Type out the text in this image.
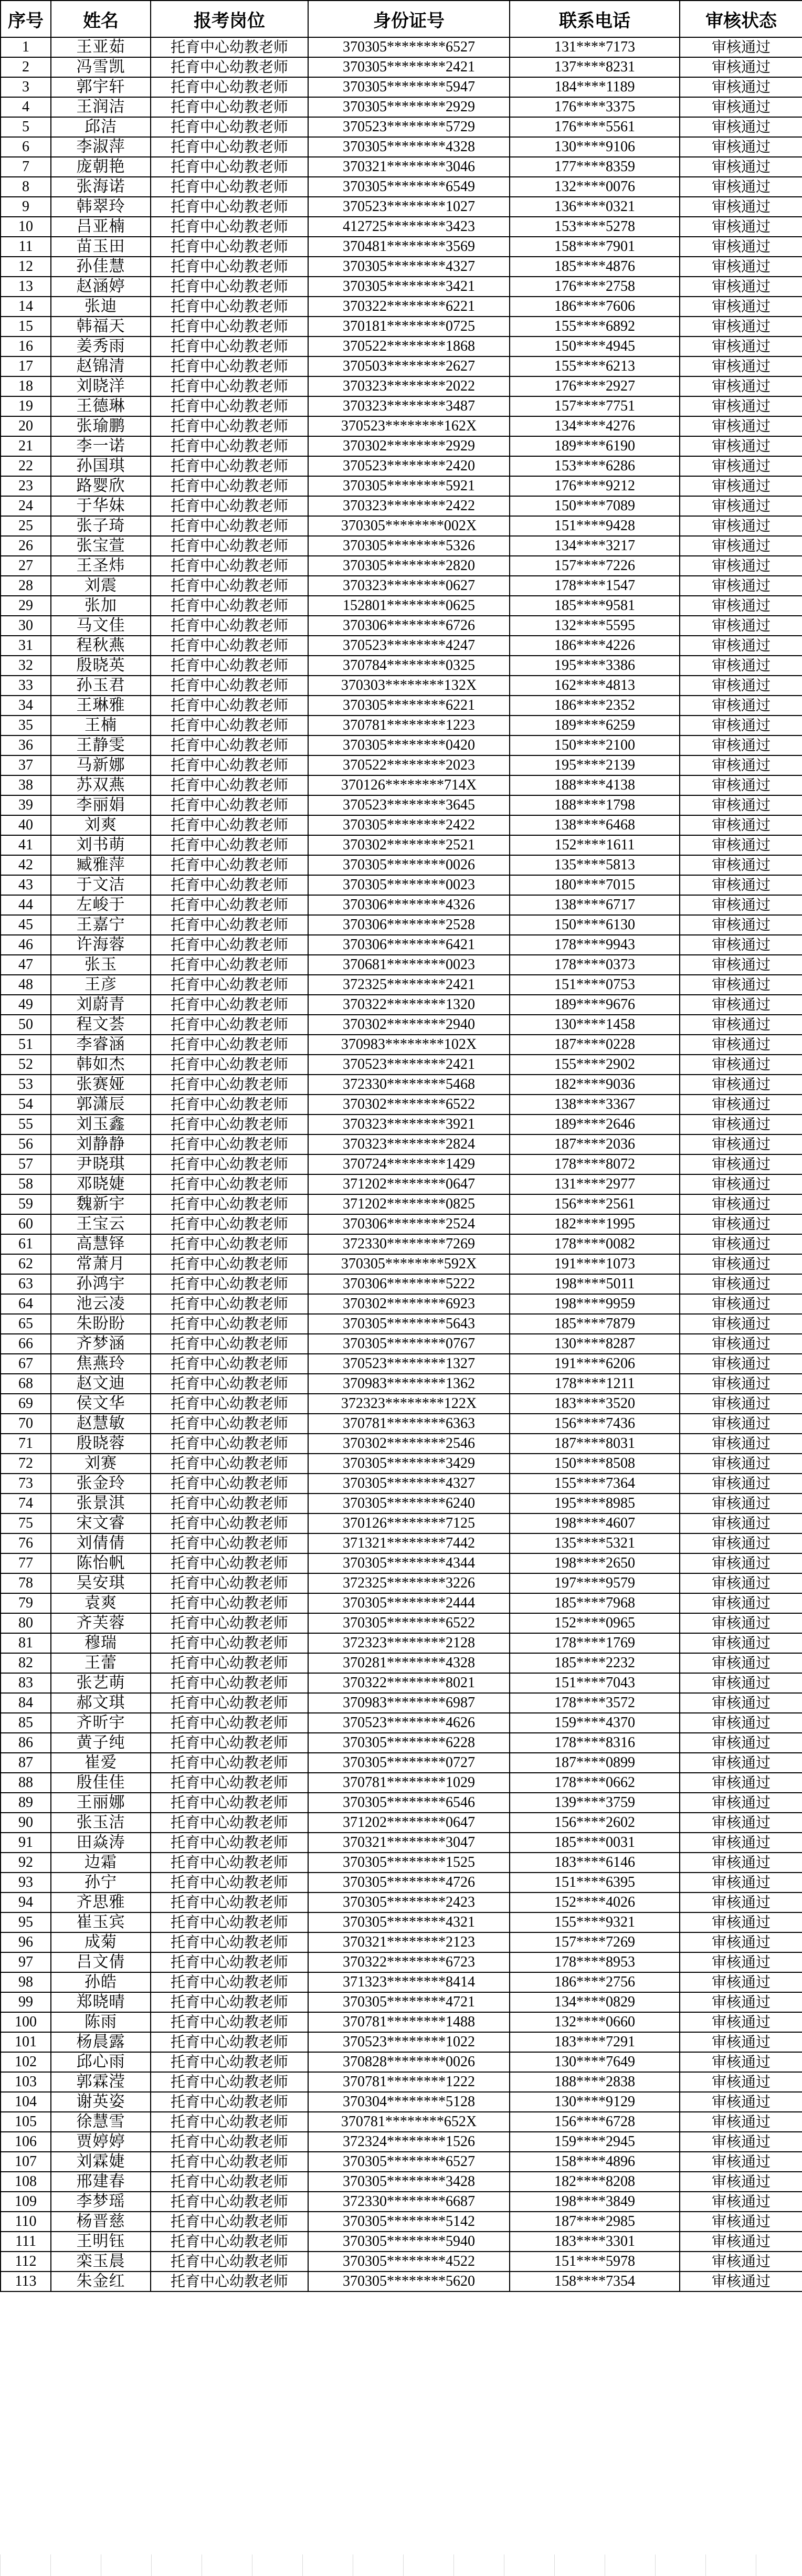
序号	姓名	报考岗位	身份证号	联系电话	审核状态
1	王亚茹	托育中心幼教老师	370305********6527	131****7173	审核通过
2	冯雪凯	托育中心幼教老师	370305********2421	137****8231	审核通过
3	郭宇轩	托育中心幼教老师	370305********5947	184****1189	审核通过
4	王润洁	托育中心幼教老师	370305********2929	176****3375	审核通过
5	邱洁	托育中心幼教老师	370523********5729	176****5561	审核通过
6	李淑萍	托育中心幼教老师	370305********4328	130****9106	审核通过
7	庞朝艳	托育中心幼教老师	370321********3046	177****8359	审核通过
8	张海诺	托育中心幼教老师	370305********6549	132****0076	审核通过
9	韩翠玲	托育中心幼教老师	370523********1027	136****0321	审核通过
10	吕亚楠	托育中心幼教老师	412725********3423	153****5278	审核通过
11	苗玉田	托育中心幼教老师	370481********3569	158****7901	审核通过
12	孙佳慧	托育中心幼教老师	370305********4327	185****4876	审核通过
13	赵涵婷	托育中心幼教老师	370305********3421	176****2758	审核通过
14	张迪	托育中心幼教老师	370322********6221	186****7606	审核通过
15	韩福天	托育中心幼教老师	370181********0725	155****6892	审核通过
16	姜秀雨	托育中心幼教老师	370522********1868	150****4945	审核通过
17	赵锦清	托育中心幼教老师	370503********2627	155****6213	审核通过
18	刘晓洋	托育中心幼教老师	370323********2022	176****2927	审核通过
19	王德琳	托育中心幼教老师	370323********3487	157****7751	审核通过
20	张瑜鹏	托育中心幼教老师	370523********162X	134****4276	审核通过
21	李一诺	托育中心幼教老师	370302********2929	189****6190	审核通过
22	孙国琪	托育中心幼教老师	370523********2420	153****6286	审核通过
23	路婴欣	托育中心幼教老师	370305********5921	176****9212	审核通过
24	于华妹	托育中心幼教老师	370323********2422	150****7089	审核通过
25	张子琦	托育中心幼教老师	370305********002X	151****9428	审核通过
26	张宝萱	托育中心幼教老师	370305********5326	134****3217	审核通过
27	王圣炜	托育中心幼教老师	370305********2820	157****7226	审核通过
28	刘震	托育中心幼教老师	370323********0627	178****1547	审核通过
29	张加	托育中心幼教老师	152801********0625	185****9581	审核通过
30	马文佳	托育中心幼教老师	370306********6726	132****5595	审核通过
31	程秋燕	托育中心幼教老师	370523********4247	186****4226	审核通过
32	殷晓英	托育中心幼教老师	370784********0325	195****3386	审核通过
33	孙玉君	托育中心幼教老师	370303********132X	162****4813	审核通过
34	王琳雅	托育中心幼教老师	370305********6221	186****2352	审核通过
35	王楠	托育中心幼教老师	370781********1223	189****6259	审核通过
36	王静雯	托育中心幼教老师	370305********0420	150****2100	审核通过
37	马新娜	托育中心幼教老师	370522********2023	195****2139	审核通过
38	苏双燕	托育中心幼教老师	370126********714X	188****4138	审核通过
39	李丽娟	托育中心幼教老师	370523********3645	188****1798	审核通过
40	刘爽	托育中心幼教老师	370305********2422	138****6468	审核通过
41	刘书萌	托育中心幼教老师	370302********2521	152****1611	审核通过
42	臧雅萍	托育中心幼教老师	370305********0026	135****5813	审核通过
43	于文洁	托育中心幼教老师	370305********0023	180****7015	审核通过
44	左峻于	托育中心幼教老师	370306********4326	138****6717	审核通过
45	王嘉宁	托育中心幼教老师	370306********2528	150****6130	审核通过
46	许海蓉	托育中心幼教老师	370306********6421	178****9943	审核通过
47	张玉	托育中心幼教老师	370681********0023	178****0373	审核通过
48	王彦	托育中心幼教老师	372325********2421	151****0753	审核通过
49	刘蔚青	托育中心幼教老师	370322********1320	189****9676	审核通过
50	程文荟	托育中心幼教老师	370302********2940	130****1458	审核通过
51	李睿涵	托育中心幼教老师	370983********102X	187****0228	审核通过
52	韩如杰	托育中心幼教老师	370523********2421	155****2902	审核通过
53	张赛娅	托育中心幼教老师	372330********5468	182****9036	审核通过
54	郭潇辰	托育中心幼教老师	370302********6522	138****3367	审核通过
55	刘玉鑫	托育中心幼教老师	370323********3921	189****2646	审核通过
56	刘静静	托育中心幼教老师	370323********2824	187****2036	审核通过
57	尹晓琪	托育中心幼教老师	370724********1429	178****8072	审核通过
58	邓晓婕	托育中心幼教老师	371202********0647	131****2977	审核通过
59	魏新宇	托育中心幼教老师	371202********0825	156****2561	审核通过
60	王宝云	托育中心幼教老师	370306********2524	182****1995	审核通过
61	高慧铎	托育中心幼教老师	372330********7269	178****0082	审核通过
62	常萧月	托育中心幼教老师	370305********592X	191****1073	审核通过
63	孙鸿宇	托育中心幼教老师	370306********5222	198****5011	审核通过
64	池云凌	托育中心幼教老师	370302********6923	198****9959	审核通过
65	朱盼盼	托育中心幼教老师	370305********5643	185****7879	审核通过
66	齐梦涵	托育中心幼教老师	370305********0767	130****8287	审核通过
67	焦燕玲	托育中心幼教老师	370523********1327	191****6206	审核通过
68	赵文迪	托育中心幼教老师	370983********1362	178****1211	审核通过
69	侯文华	托育中心幼教老师	372323********122X	183****3520	审核通过
70	赵慧敏	托育中心幼教老师	370781********6363	156****7436	审核通过
71	殷晓蓉	托育中心幼教老师	370302********2546	187****8031	审核通过
72	刘赛	托育中心幼教老师	370305********3429	150****8508	审核通过
73	张金玲	托育中心幼教老师	370305********4327	155****7364	审核通过
74	张景淇	托育中心幼教老师	370305********6240	195****8985	审核通过
75	宋文睿	托育中心幼教老师	370126********7125	198****4607	审核通过
76	刘倩倩	托育中心幼教老师	371321********7442	135****5321	审核通过
77	陈怡帆	托育中心幼教老师	370305********4344	198****2650	审核通过
78	吴安琪	托育中心幼教老师	372325********3226	197****9579	审核通过
79	袁爽	托育中心幼教老师	370305********2444	185****7968	审核通过
80	齐芙蓉	托育中心幼教老师	370305********6522	152****0965	审核通过
81	穆瑞	托育中心幼教老师	372323********2128	178****1769	审核通过
82	王蕾	托育中心幼教老师	370281********4328	185****2232	审核通过
83	张艺萌	托育中心幼教老师	370322********8021	151****7043	审核通过
84	郝文琪	托育中心幼教老师	370983********6987	178****3572	审核通过
85	齐昕宇	托育中心幼教老师	370523********4626	159****4370	审核通过
86	黄子纯	托育中心幼教老师	370305********6228	178****8316	审核通过
87	崔爱	托育中心幼教老师	370305********0727	187****0899	审核通过
88	殷佳佳	托育中心幼教老师	370781********1029	178****0662	审核通过
89	王丽娜	托育中心幼教老师	370305********6546	139****3759	审核通过
90	张玉洁	托育中心幼教老师	371202********0647	156****2602	审核通过
91	田焱涛	托育中心幼教老师	370321********3047	185****0031	审核通过
92	边霜	托育中心幼教老师	370305********1525	183****6146	审核通过
93	孙宁	托育中心幼教老师	370305********4726	151****6395	审核通过
94	齐思雅	托育中心幼教老师	370305********2423	152****4026	审核通过
95	崔玉宾	托育中心幼教老师	370305********4321	155****9321	审核通过
96	成菊	托育中心幼教老师	370321********2123	157****7269	审核通过
97	吕文倩	托育中心幼教老师	370322********6723	178****8953	审核通过
98	孙皓	托育中心幼教老师	371323********8414	186****2756	审核通过
99	郑晓晴	托育中心幼教老师	370305********4721	134****0829	审核通过
100	陈雨	托育中心幼教老师	370781********1488	132****0660	审核通过
101	杨晨露	托育中心幼教老师	370523********1022	183****7291	审核通过
102	邱心雨	托育中心幼教老师	370828********0026	130****7649	审核通过
103	郭霖滢	托育中心幼教老师	370781********1222	188****2838	审核通过
104	谢英姿	托育中心幼教老师	370304********5128	130****9129	审核通过
105	徐慧雪	托育中心幼教老师	370781********652X	156****6728	审核通过
106	贾婷婷	托育中心幼教老师	372324********1526	159****2945	审核通过
107	刘霖婕	托育中心幼教老师	370305********6527	158****4896	审核通过
108	邢建春	托育中心幼教老师	370305********3428	182****8208	审核通过
109	李梦瑶	托育中心幼教老师	372330********6687	198****3849	审核通过
110	杨晋慈	托育中心幼教老师	370305********5142	187****2985	审核通过
111	王明钰	托育中心幼教老师	370305********5940	183****3301	审核通过
112	栾玉晨	托育中心幼教老师	370305********4522	151****5978	审核通过
113	朱金红	托育中心幼教老师	370305********5620	158****7354	审核通过
